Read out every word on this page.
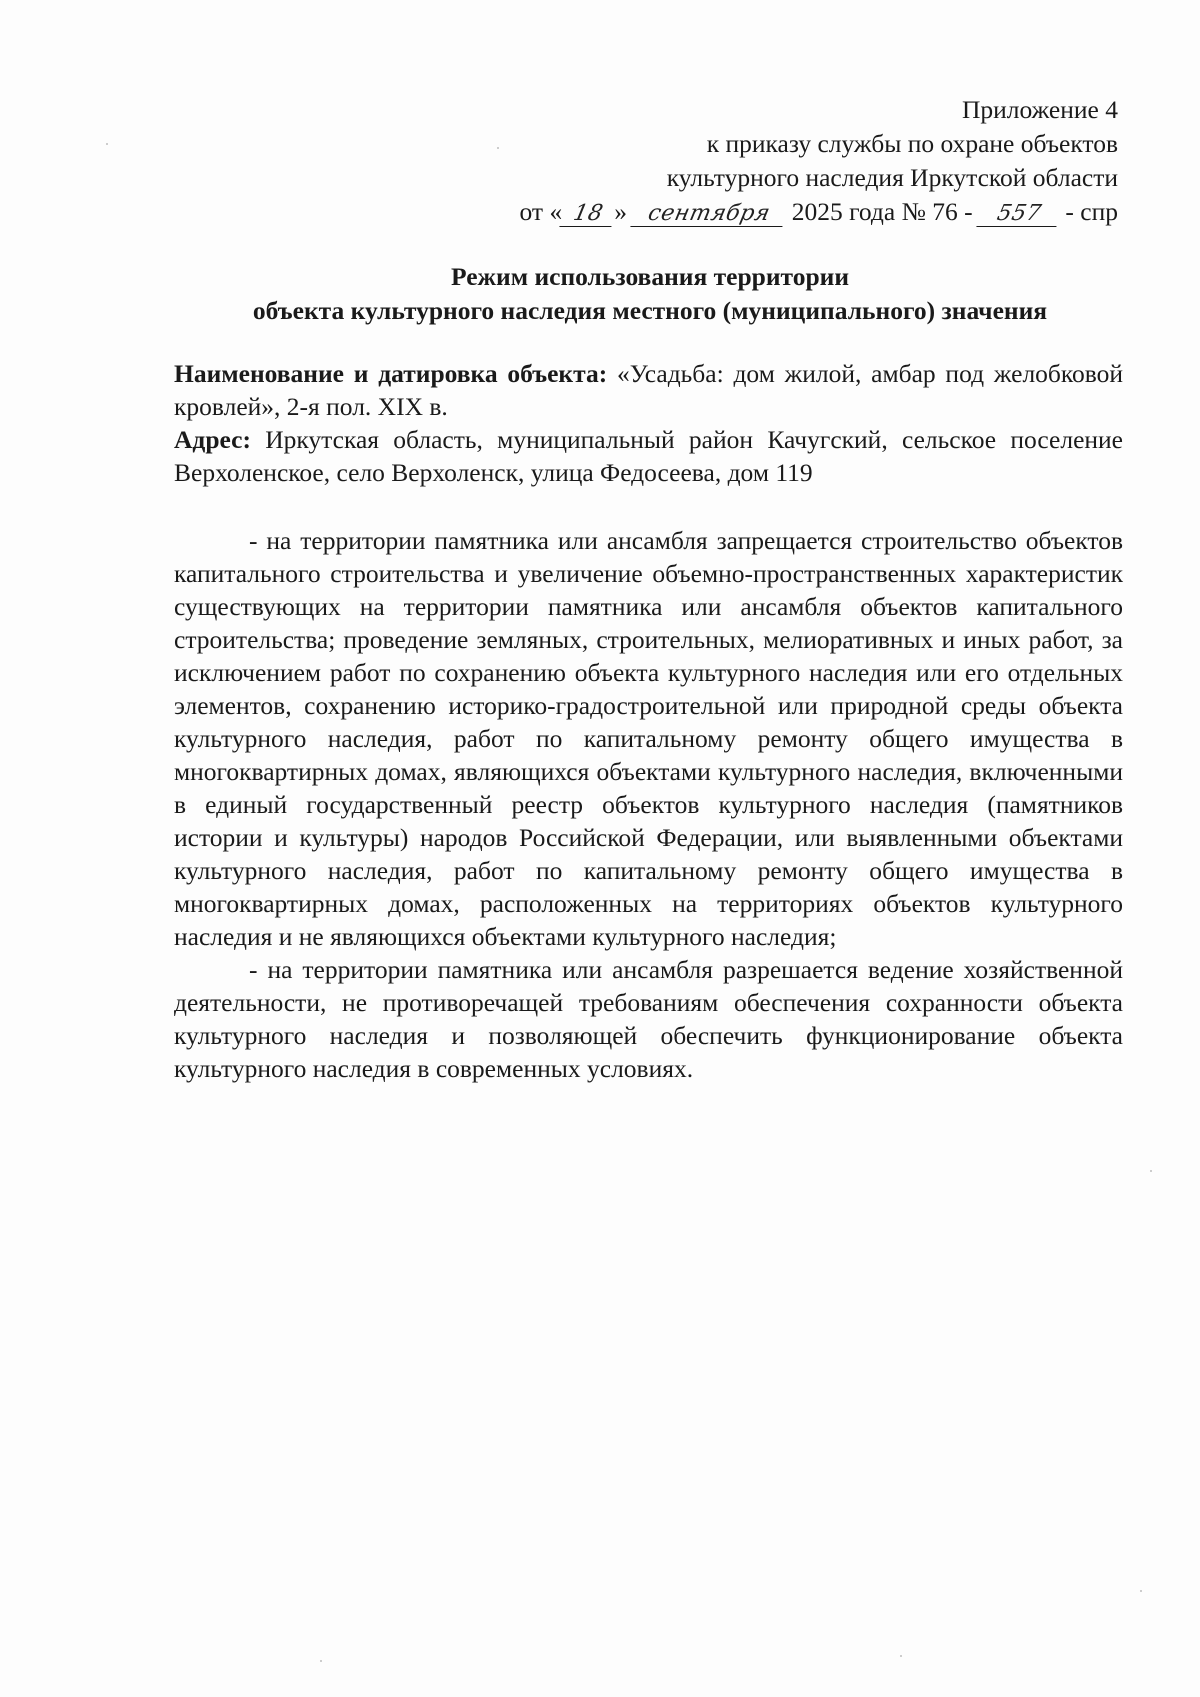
Приложение 4
к приказу службы по охране объектов
культурного наследия Иркутской области
от « 18 » сентября 2025 года № 76 - 557 - спр
Режим использования территории
объекта культурного наследия местного (муниципального) значения

Наименование и датировка объекта: «Усадьба: дом жилой, амбар под желобковой кровлей», 2-я пол. XIX в.

Адрес: Иркутская область, муниципальный район Качугский, сельское поселение Верхоленское, село Верхоленск, улица Федосеева, дом 119

- на территории памятника или ансамбля запрещается строительство объектов капитального строительства и увеличение объемно-пространственных характеристик существующих на территории памятника или ансамбля объектов капитального строительства; проведение земляных, строительных, мелиоративных и иных работ, за исключением работ по сохранению объекта культурного наследия или его отдельных элементов, сохранению историко-градостроительной или природной среды объекта культурного наследия, работ по капитальному ремонту общего имущества в многоквартирных домах, являющихся объектами культурного наследия, включенными в единый государственный реестр объектов культурного наследия (памятников истории и культуры) народов Российской Федерации, или выявленными объектами культурного наследия, работ по капитальному ремонту общего имущества в многоквартирных домах, расположенных на территориях объектов культурного наследия и не являющихся объектами культурного наследия;

- на территории памятника или ансамбля разрешается ведение хозяйственной деятельности, не противоречащей требованиям обеспечения сохранности объекта культурного наследия и позволяющей обеспечить функционирование объекта культурного наследия в современных условиях.
